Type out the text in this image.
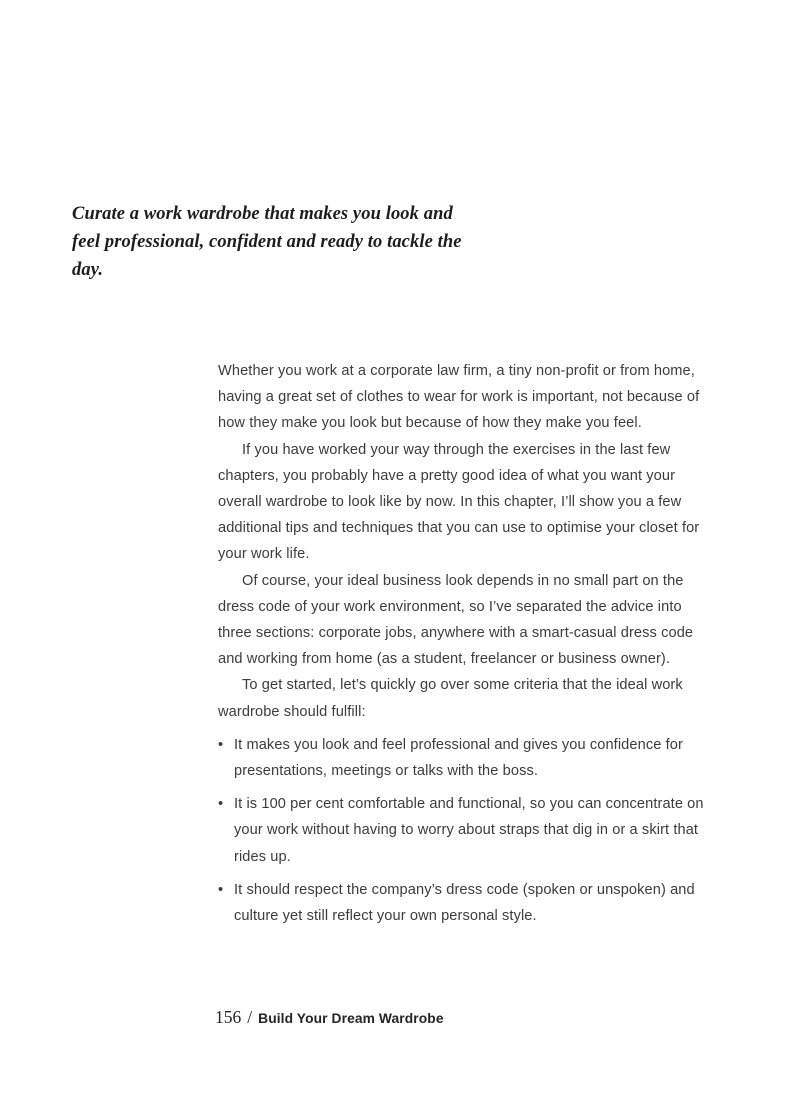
Curate a work wardrobe that makes you look and feel professional, confident and ready to tackle the day.

Whether you work at a corporate law firm, a tiny non-profit or from home, having a great set of clothes to wear for work is important, not because of how they make you look but because of how they make you feel.

If you have worked your way through the exercises in the last few chapters, you probably have a pretty good idea of what you want your overall wardrobe to look like by now. In this chapter, I’ll show you a few additional tips and techniques that you can use to optimise your closet for your work life.

Of course, your ideal business look depends in no small part on the dress code of your work environment, so I’ve separated the advice into three sections: corporate jobs, anywhere with a smart-casual dress code and working from home (as a student, freelancer or business owner).

To get started, let’s quickly go over some criteria that the ideal work wardrobe should fulfill:

• It makes you look and feel professional and gives you confidence for presentations, meetings or talks with the boss.
• It is 100 per cent comfortable and functional, so you can concentrate on your work without having to worry about straps that dig in or a skirt that rides up.
• It should respect the company’s dress code (spoken or unspoken) and culture yet still reflect your own personal style.
156 / Build Your Dream Wardrobe
